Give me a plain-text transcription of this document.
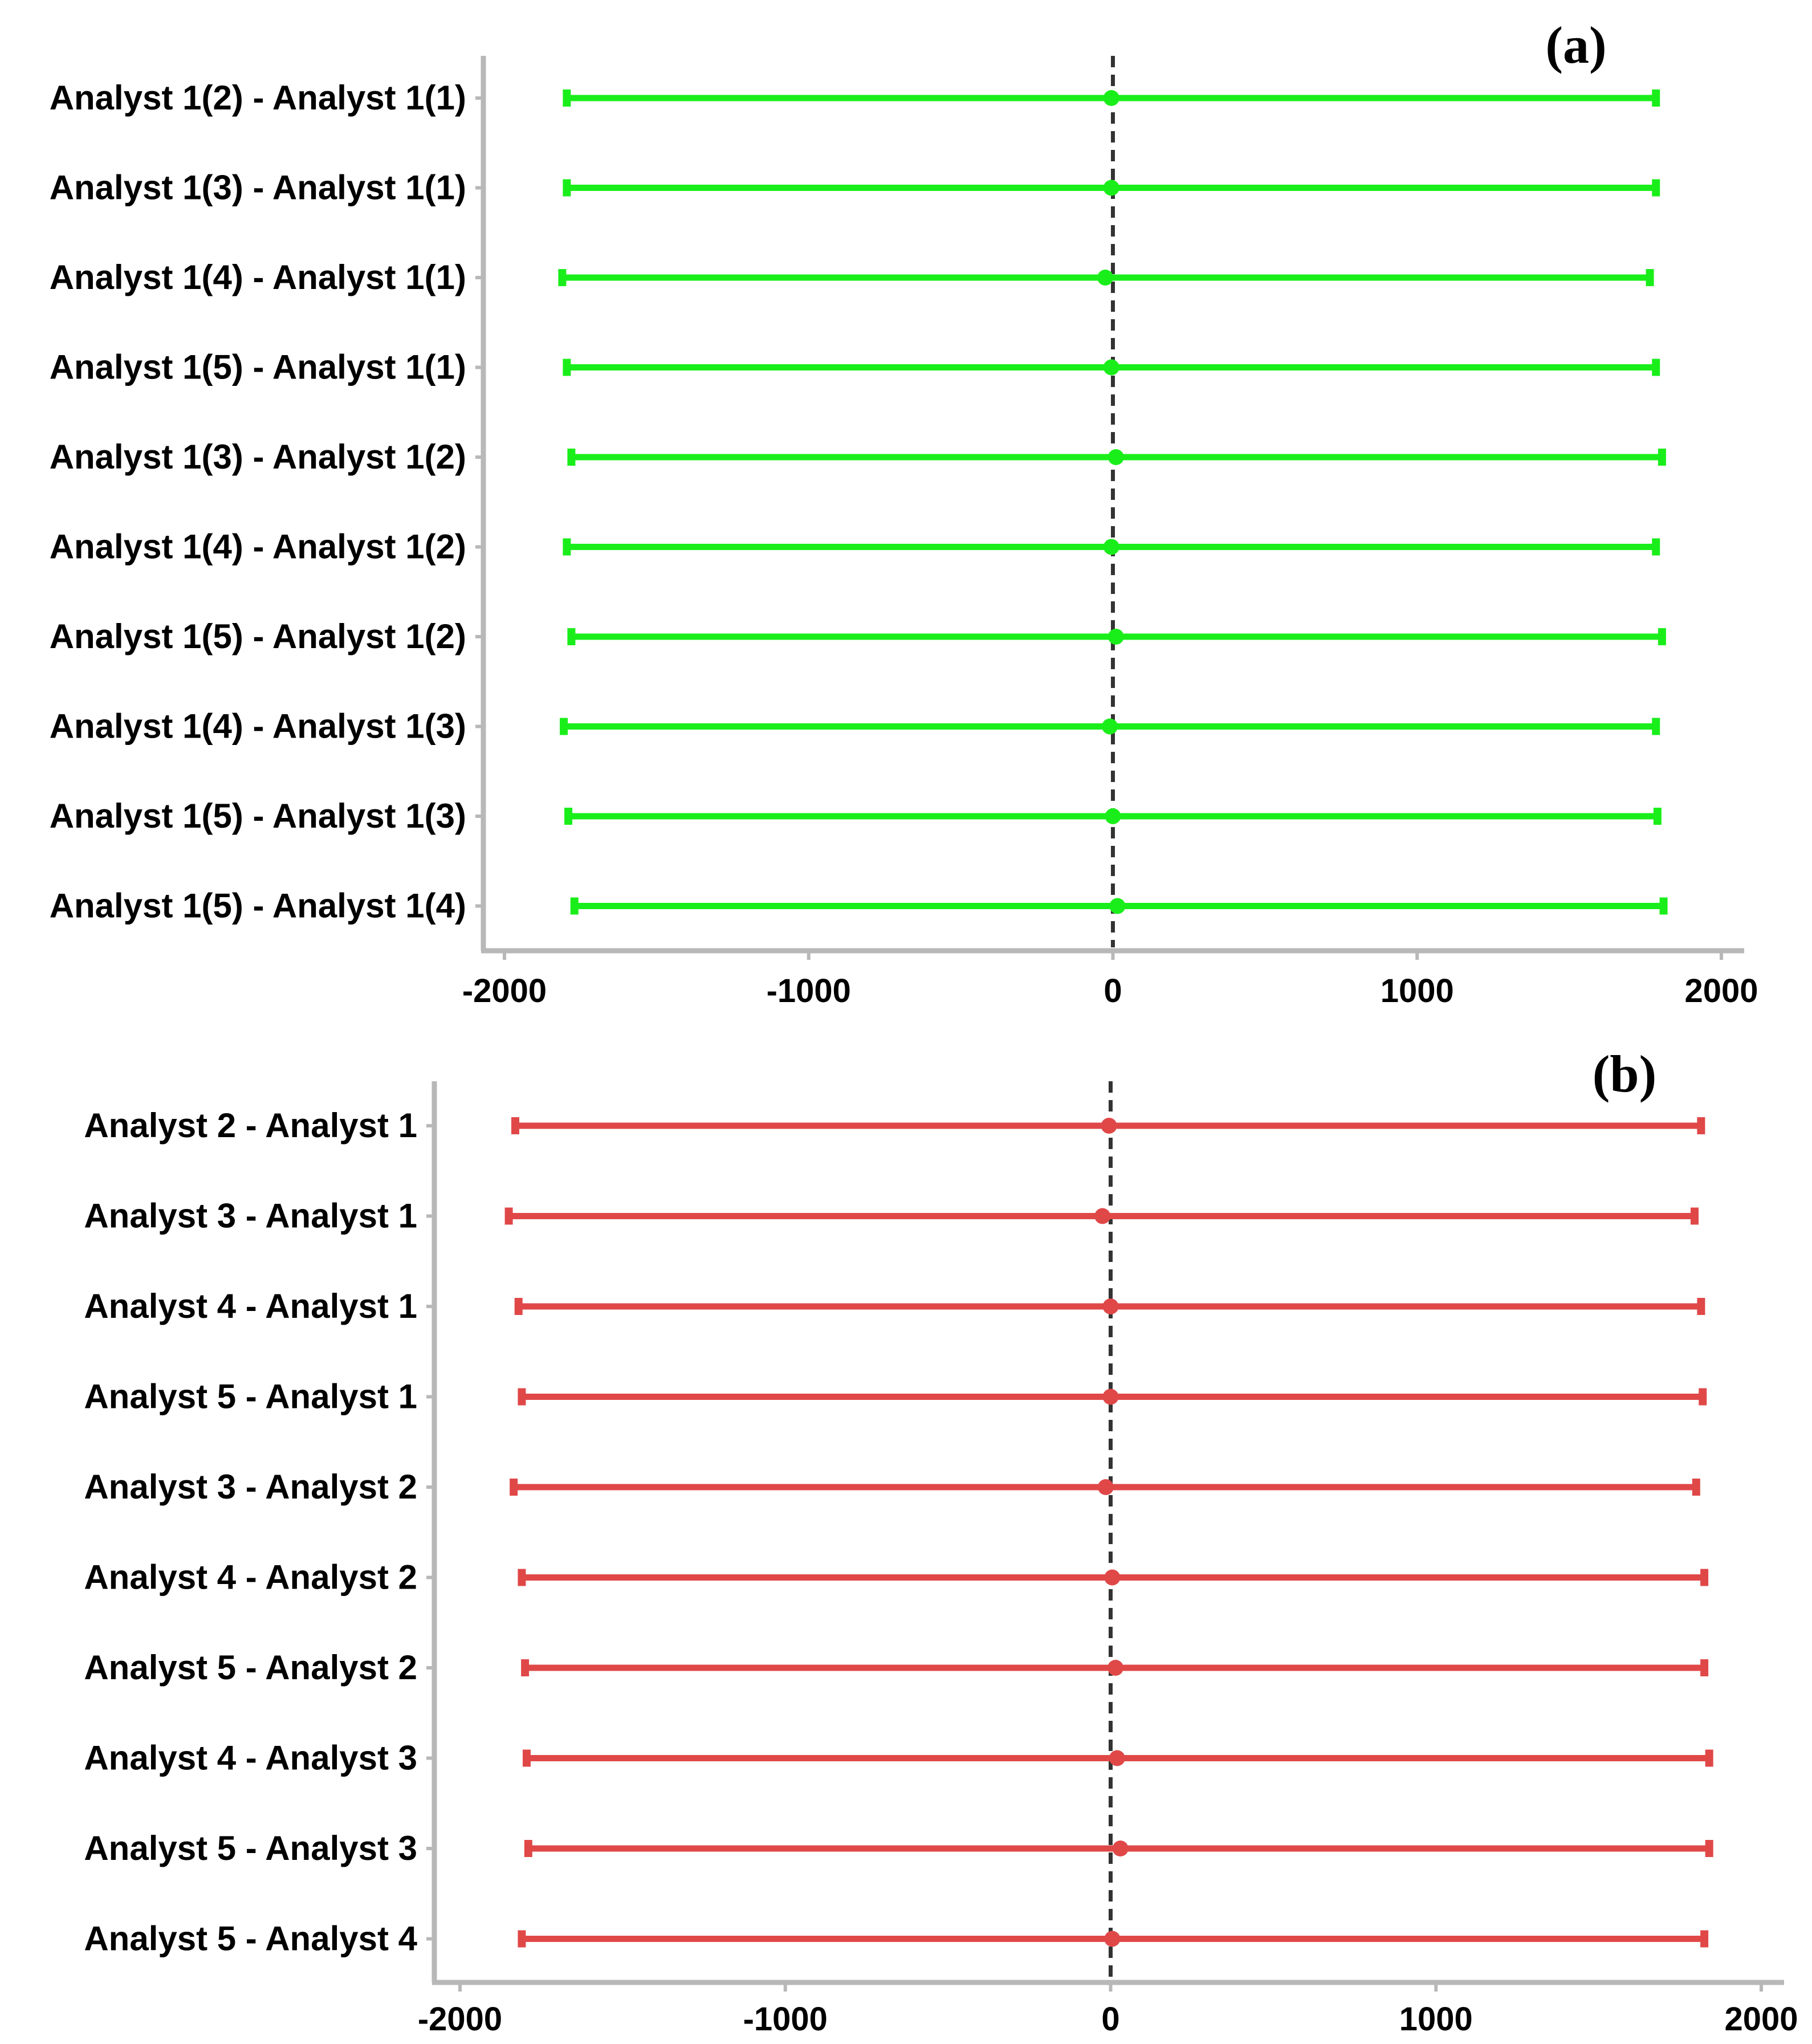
-2000	-1000	0	1000	2000
Analyst 1(2) - Analyst 1(1)
Analyst 1(3) - Analyst 1(1)
Analyst 1(4) - Analyst 1(1)
Analyst 1(5) - Analyst 1(1)
Analyst 1(3) - Analyst 1(2)
Analyst 1(4) - Analyst 1(2)
Analyst 1(5) - Analyst 1(2)
Analyst 1(4) - Analyst 1(3)
Analyst 1(5) - Analyst 1(3)
Analyst 1(5) - Analyst 1(4)
(a)
-2000	-1000	0	1000	2000
Analyst 2 - Analyst 1
Analyst 3 - Analyst 1
Analyst 4 - Analyst 1
Analyst 5 - Analyst 1
Analyst 3 - Analyst 2
Analyst 4 - Analyst 2
Analyst 5 - Analyst 2
Analyst 4 - Analyst 3
Analyst 5 - Analyst 3
Analyst 5 - Analyst 4
(b)
